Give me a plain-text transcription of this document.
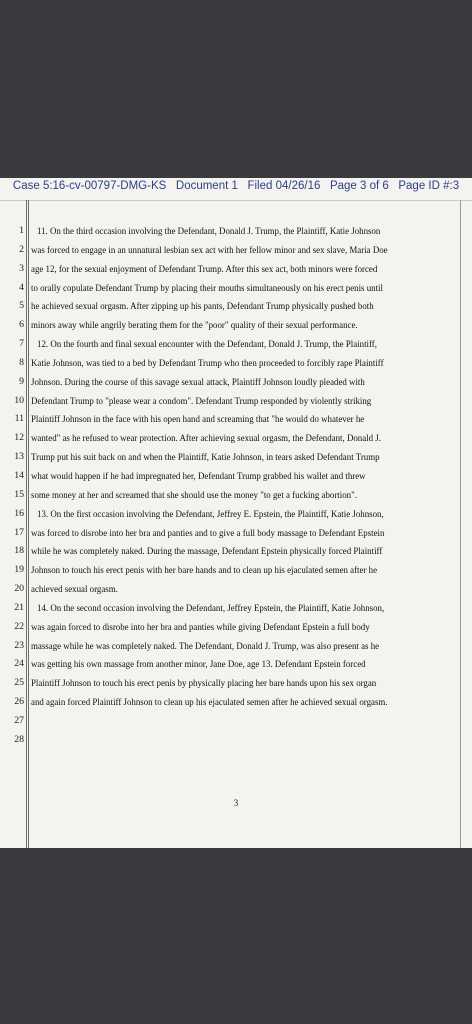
Case 5:16-cv-00797-DMG-KS   Document 1   Filed 04/26/16   Page 3 of 6   Page ID #:3
1
2
3
4
5
6
7
8
9
10
11
12
13
14
15
16
17
18
19
20
21
22
23
24
25
26
27
28
11. On the third occasion involving the Defendant, Donald J. Trump, the Plaintiff, Katie Johnson
was forced to engage in an unnatural lesbian sex act with her fellow minor and sex slave, Maria Doe
age 12, for the sexual enjoyment of Defendant Trump. After this sex act, both minors were forced
to orally copulate Defendant Trump by placing their mouths simultaneously on his erect penis until
he achieved sexual orgasm. After zipping up his pants, Defendant Trump physically pushed both
minors away while angrily berating them for the "poor" quality of their sexual performance.
12. On the fourth and final sexual encounter with the Defendant, Donald J. Trump, the Plaintiff,
Katie Johnson, was tied to a bed by Defendant Trump who then proceeded to forcibly rape Plaintiff
Johnson. During the course of this savage sexual attack, Plaintiff Johnson loudly pleaded with
Defendant Trump to "please wear a condom". Defendant Trump responded by violently striking
Plaintiff Johnson in the face with his open hand and screaming that "he would do whatever he
wanted" as he refused to wear protection. After achieving sexual orgasm, the Defendant, Donald J.
Trump put his suit back on and when the Plaintiff, Katie Johnson, in tears asked Defendant Trump
what would happen if he had impregnated her, Defendant Trump grabbed his wallet and threw
some money at her and screamed that she should use the money "to get a fucking abortion".
13. On the first occasion involving the Defendant, Jeffrey E. Epstein, the Plaintiff, Katie Johnson,
was forced to disrobe into her bra and panties and to give a full body massage to Defendant Epstein
while he was completely naked. During the massage, Defendant Epstein physically forced Plaintiff
Johnson to touch his erect penis with her bare hands and to clean up his ejaculated semen after he
achieved sexual orgasm.
14. On the second occasion involving the Defendant, Jeffrey Epstein, the Plaintiff, Katie Johnson,
was again forced to disrobe into her bra and panties while giving Defendant Epstein a full body
massage while he was completely naked. The Defendant, Donald J. Trump, was also present as he
was getting his own massage from another minor, Jane Doe, age 13. Defendant Epstein forced
Plaintiff Johnson to touch his erect penis by physically placing her bare hands upon his sex organ
and again forced Plaintiff Johnson to clean up his ejaculated semen after he achieved sexual orgasm.
3
